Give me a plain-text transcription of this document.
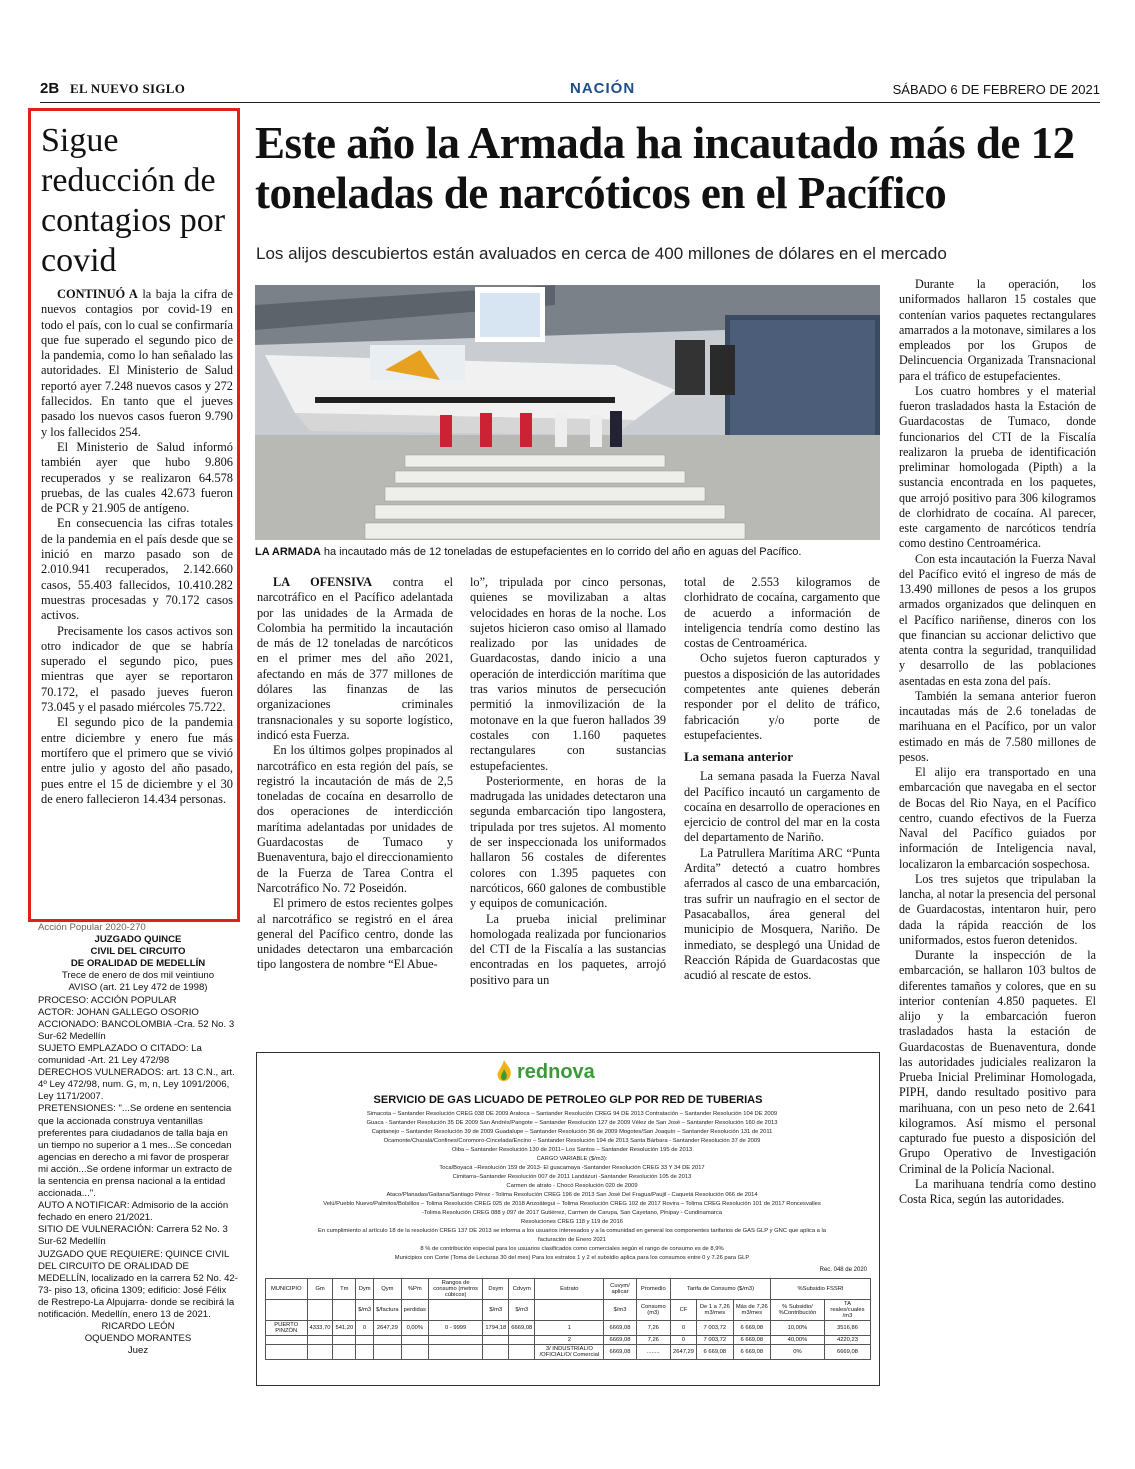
2B EL NUEVO SIGLO	NACIÓN	SÁBADO 6 DE FEBRERO DE 2021
Sigue reducción de contagios por covid

CONTINUÓ A la baja la cifra de nuevos contagios por covid-19 en todo el país, con lo cual se confirmaría que fue superado el segundo pico de la pandemia, como lo han señalado las autoridades. El Ministerio de Salud reportó ayer 7.248 nuevos casos y 272 fallecidos. En tanto que el jueves pasado los nuevos casos fueron 9.790 y los fallecidos 254.

El Ministerio de Salud informó también ayer que hubo 9.806 recuperados y se realizaron 64.578 pruebas, de las cuales 42.673 fueron de PCR y 21.905 de antígeno.

En consecuencia las cifras totales de la pandemia en el país desde que se inició en marzo pasado son de 2.010.941 recuperados, 2.142.660 casos, 55.403 fallecidos, 10.410.282 muestras procesadas y 70.172 casos activos.

Precisamente los casos activos son otro indicador de que se habría superado el segundo pico, pues mientras que ayer se reportaron 70.172, el pasado jueves fueron 73.045 y el pasado miércoles 75.722.

El segundo pico de la pandemia entre diciembre y enero fue más mortífero que el primero que se vivió entre julio y agosto del año pasado, pues entre el 15 de diciembre y el 30 de enero fallecieron 14.434 personas.

Este año la Armada ha incautado más de 12 toneladas de narcóticos en el Pacífico
Los alijos descubiertos están avaluados en cerca de 400 millones de dólares en el mercado
LA ARMADA ha incautado más de 12 toneladas de estupefacientes en lo corrido del año en aguas del Pacífico.

LA OFENSIVA contra el narcotráfico en el Pacífico adelantada por las unidades de la Armada de Colombia ha permitido la incautación de más de 12 toneladas de narcóticos en el primer mes del año 2021, afectando en más de 377 millones de dólares las finanzas de las organizaciones criminales transnacionales y su soporte logístico, indicó esta Fuerza.

En los últimos golpes propinados al narcotráfico en esta región del país, se registró la incautación de más de 2,5 toneladas de cocaína en desarrollo de dos operaciones de interdicción marítima adelantadas por unidades de Guardacostas de Tumaco y Buenaventura, bajo el direccionamiento de la Fuerza de Tarea Contra el Narcotráfico No. 72 Poseidón.

El primero de estos recientes golpes al narcotráfico se registró en el área general del Pacífico centro, donde las unidades detectaron una embarcación tipo langostera de nombre “El Abue-

lo”, tripulada por cinco personas, quienes se movilizaban a altas velocidades en horas de la noche. Los sujetos hicieron caso omiso al llamado realizado por las unidades de Guardacostas, dando inicio a una operación de interdicción marítima que tras varios minutos de persecución permitió la inmovilización de la motonave en la que fueron hallados 39 costales con 1.160 paquetes rectangulares con sustancias estupefacientes.

Posteriormente, en horas de la madrugada las unidades detectaron una segunda embarcación tipo langostera, tripulada por tres sujetos. Al momento de ser inspeccionada los uniformados hallaron 56 costales de diferentes colores con 1.395 paquetes con narcóticos, 660 galones de combustible y equipos de comunicación.

La prueba inicial preliminar homologada realizada por funcionarios del CTI de la Fiscalía a las sustancias encontradas en los paquetes, arrojó positivo para un

total de 2.553 kilogramos de clorhidrato de cocaína, cargamento que de acuerdo a información de inteligencia tendría como destino las costas de Centroamérica.

Ocho sujetos fueron capturados y puestos a disposición de las autoridades competentes ante quienes deberán responder por el delito de tráfico, fabricación y/o porte de estupefacientes.

La semana anterior

La semana pasada la Fuerza Naval del Pacífico incautó un cargamento de cocaína en desarrollo de operaciones en ejercicio de control del mar en la costa del departamento de Nariño.

La Patrullera Marítima ARC “Punta Ardita” detectó a cuatro hombres aferrados al casco de una embarcación, tras sufrir un naufragio en el sector de Pasacaballos, área general del municipio de Mosquera, Nariño. De inmediato, se desplegó una Unidad de Reacción Rápida de Guardacostas que acudió al rescate de estos.

Durante la operación, los uniformados hallaron 15 costales que contenían varios paquetes rectangulares amarrados a la motonave, similares a los empleados por los Grupos de Delincuencia Organizada Transnacional para el tráfico de estupefacientes.

Los cuatro hombres y el material fueron trasladados hasta la Estación de Guardacostas de Tumaco, donde funcionarios del CTI de la Fiscalía realizaron la prueba de identificación preliminar homologada (Pipth) a la sustancia encontrada en los paquetes, que arrojó positivo para 306 kilogramos de clorhidrato de cocaína. Al parecer, este cargamento de narcóticos tendría como destino Centroamérica.

Con esta incautación la Fuerza Naval del Pacífico evitó el ingreso de más de 13.490 millones de pesos a los grupos armados organizados que delinquen en el Pacífico nariñense, dineros con los que financian su accionar delictivo que atenta contra la seguridad, tranquilidad y desarrollo de las poblaciones asentadas en esta zona del país.

También la semana anterior fueron incautadas más de 2.6 toneladas de marihuana en el Pacífico, por un valor estimado en más de 7.580 millones de pesos.

El alijo era transportado en una embarcación que navegaba en el sector de Bocas del Rio Naya, en el Pacífico centro, cuando efectivos de la Fuerza Naval del Pacífico guiados por información de Inteligencia naval, localizaron la embarcación sospechosa.

Los tres sujetos que tripulaban la lancha, al notar la presencia del personal de Guardacostas, intentaron huir, pero dada la rápida reacción de los uniformados, estos fueron detenidos.

Durante la inspección de la embarcación, se hallaron 103 bultos de diferentes tamaños y colores, que en su interior contenían 4.850 paquetes. El alijo y la embarcación fueron trasladados hasta la estación de Guardacostas de Buenaventura, donde las autoridades judiciales realizaron la Prueba Inicial Preliminar Homologada, PIPH, dando resultado positivo para marihuana, con un peso neto de 2.641 kilogramos. Así mismo el personal capturado fue puesto a disposición del Grupo Operativo de Investigación Criminal de la Policía Nacional.

La marihuana tendría como destino Costa Rica, según las autoridades.

Acción Popular 2020-270
JUZGADO QUINCE
CIVIL DEL CIRCUITO
DE ORALIDAD DE MEDELLÍN
Trece de enero de dos mil veintiuno
AVISO (art. 21 Ley 472 de 1998)
PROCESO: ACCIÓN POPULAR
ACTOR: JOHAN GALLEGO OSORIO
ACCIONADO: BANCOLOMBIA -Cra. 52 No. 3 Sur-62 Medellín
SUJETO EMPLAZADO O CITADO: La comunidad -Art. 21 Ley 472/98
DERECHOS VULNERADOS: art. 13 C.N., art. 4º Ley 472/98, num. G, m, n, Ley 1091/2006, Ley 1171/2007.
PRETENSIONES: "...Se ordene en sentencia que la accionada construya ventanillas preferentes para ciudadanos de talla baja en un tiempo no superior a 1 mes...Se concedan agencias en derecho a mi favor de prosperar mi acción...Se ordene informar un extracto de la sentencia en prensa nacional a la entidad accionada...".
AUTO A NOTIFICAR: Admisorio de la acción fechado en enero 21/2021.
SITIO DE VULNERACIÓN: Carrera 52 No. 3 Sur-62 Medellín
JUZGADO QUE REQUIERE: QUINCE CIVIL DEL CIRCUITO DE ORALIDAD DE MEDELLÍN, localizado en la carrera 52 No. 42-73- piso 13, oficina 1309; edificio: José Félix de Restrepo-La Alpujarra- donde se recibirá la notificación. Medellín, enero 13 de 2021.
RICARDO LEÓN
OQUENDO MORANTES
Juez
rednova
SERVICIO DE GAS LICUADO DE PETROLEO GLP POR RED DE TUBERIAS
Simacota – Santander Resolución CREG 038 DE 2009 Aratoca – Santander Resolución CREG 94 DE 2013 Contratación – Santander Resolución 104 DE 2009
Guaca - Santander Resolución 35 DE 2009 San Andrés/Pangote – Santander Resolución 127 de 2009 Vélez de San José – Santander Resolución 160 de 2013
Capitanejo – Santander Resolución 39 de 2009 Guadalupe – Santander Resolución 36 de 2009 Mogotes/San Joaquín – Santander Resolución 131 de 2011
Ocamonte/Charalá/Confines/Coromoro-Cincelada/Encino – Santander Resolución 194 de 2013 Santa Bárbara - Santander Resolución 37 de 2009
Oiba – Santander Resolución 130 de 2011– Los Santos – Santander Resolución 195 de 2013
CARGO VARIABLE ($/m3):
Toca/Boyacá –Resolución 159 de 2013- El guacamaya -Santander Resolución CREG 33 Y 34 DE 2017
Cimitarra–Santander Resolución 007 de 2011 Landázuri -Santander Resolución 105 de 2013
Carmen de atrato - Chocó Resolución 020 de 2009
Ataco/Planadas/Gaitana/Santiago Pérez - Tolima Resolución CREG 196 de 2013 San José Del Fragua/Paujil - Caquetá Resolución 066 de 2014
Velú/Pueblo Nuevo/Palmitos/Bolsillos – Tolima Resolución CREG 025 de 2018 Anzoátegui – Tolima Resolución CREG 102 de 2017 Rovira – Tolima CREG Resolución 101 de 2017 Roncesvalles
-Tolima Resolución CREG 088 y 097 de 2017 Gutiérrez, Carmen de Carupa, San Cayetano, Pinipay - Cundinamarca
Resoluciones CREG 118 y 119 de 2016
En cumplimiento al artículo 18 de la resolución CREG 137 DE 2013 se informa a los usuarios interesados y a la comunidad en general los componentes tarifarios de GAS GLP y GNC que aplica a la facturación de Enero 2021
8 % de contribución especial para los usuarios clasificados como comerciales según el rango de consumo es de 8,9%
Municipios con Corte (Toma de Lecturas 30 del mes) Para los estratos 1 y 2 el subsidio aplica para los consumos entre 0 y 7.26 para GLP
Rec. 048 de 2020
MUNICIPIO	Gm	Tm	Dym	Qym	%Pm	Rangos de consumo (metros cúbicos)	Dsym	Cdvym	Estrato	Cuvym/ aplicar	Promedio	Tarifa de Consumo ($/m3)			%Subsidio FSSRI	
			$/m3	$/factura	perdidas		$/m3	$/m3		$/m3	Consumo (m3)	CF	De 1 a 7,26 m3/mes	Más de 7,26 m3/mes	% Subsidio/ %Contribución	TA reales/cuales /m3
PUERTO PINZÓN	4333,70	541,20	0	2647,29	0,00%	0 - 9999	1794,18	6669,08	1	6669,08	7,26	0	7 003,72	6 669,08	10,00%	3516,86
									2	6669,08	7,26	0	7 003,72	6 669,08	40,00%	4220,23
									3/ INDUSTRIAL/O /OFICIAL/O/ Comercial	6669,08	........	2647,29	6 669,08	6 669,08	0%	6669,08
